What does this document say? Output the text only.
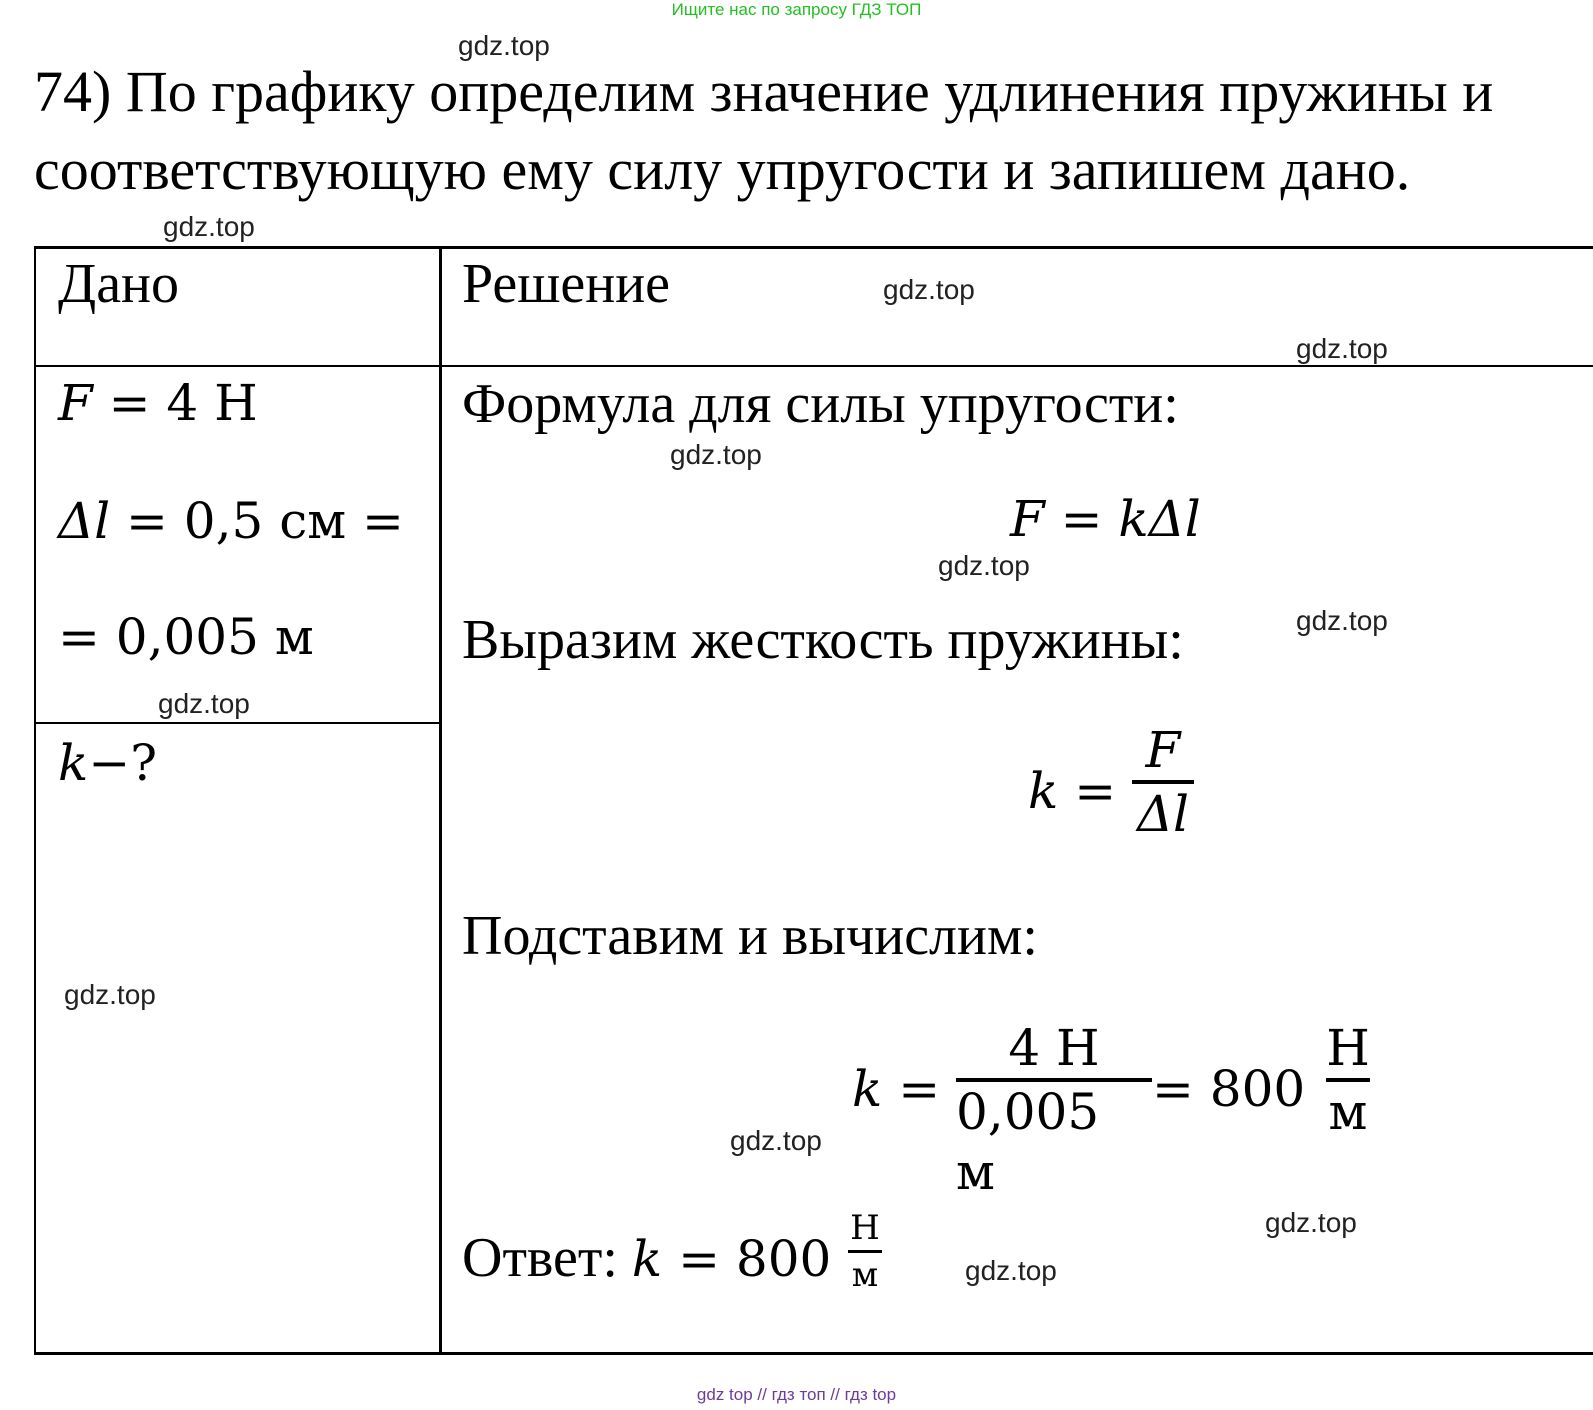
Ищите нас по запросу ГДЗ ТОП
74) По графику определим значение удлинения пружины и
соответствующую ему силу упругости и запишем дано.
Дано	Решение
F = 4 Н
Δl = 0,5 см =
= 0,005 м
k−?
Формула для силы упругости:
F = kΔl
Выразим жесткость пружины:
k =
F
Δl
Подставим и вычислим:
k =
4 Н
0,005 м
= 800
Н
м
Ответ: k = 800
Н
м
gdz.top
gdz.top
gdz.top
gdz.top
gdz.top
gdz.top
gdz.top
gdz.top
gdz.top
gdz.top
gdz.top
gdz.top
gdz top // гдз топ // гдз top
